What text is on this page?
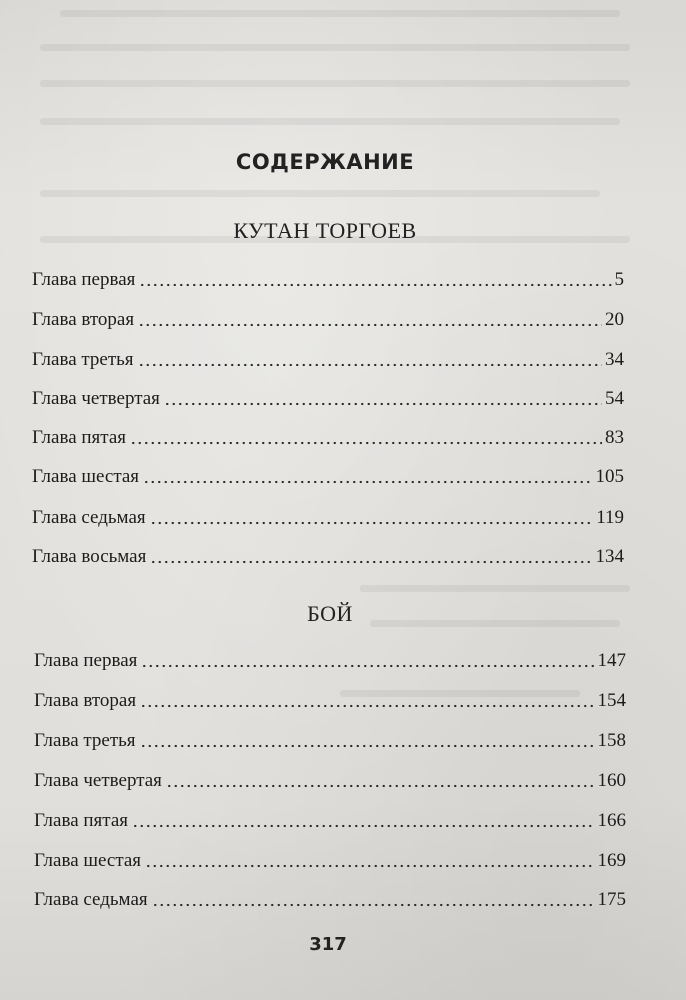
СОДЕРЖАНИЕ
КУТАН ТОРГОЕВ
Глава первая	5
Глава вторая	20
Глава третья	34
Глава четвертая	54
Глава пятая	83
Глава шестая	105
Глава седьмая	119
Глава восьмая	134
БОЙ
Глава первая	147
Глава вторая	154
Глава третья	158
Глава четвертая	160
Глава пятая	166
Глава шестая	169
Глава седьмая	175
317
